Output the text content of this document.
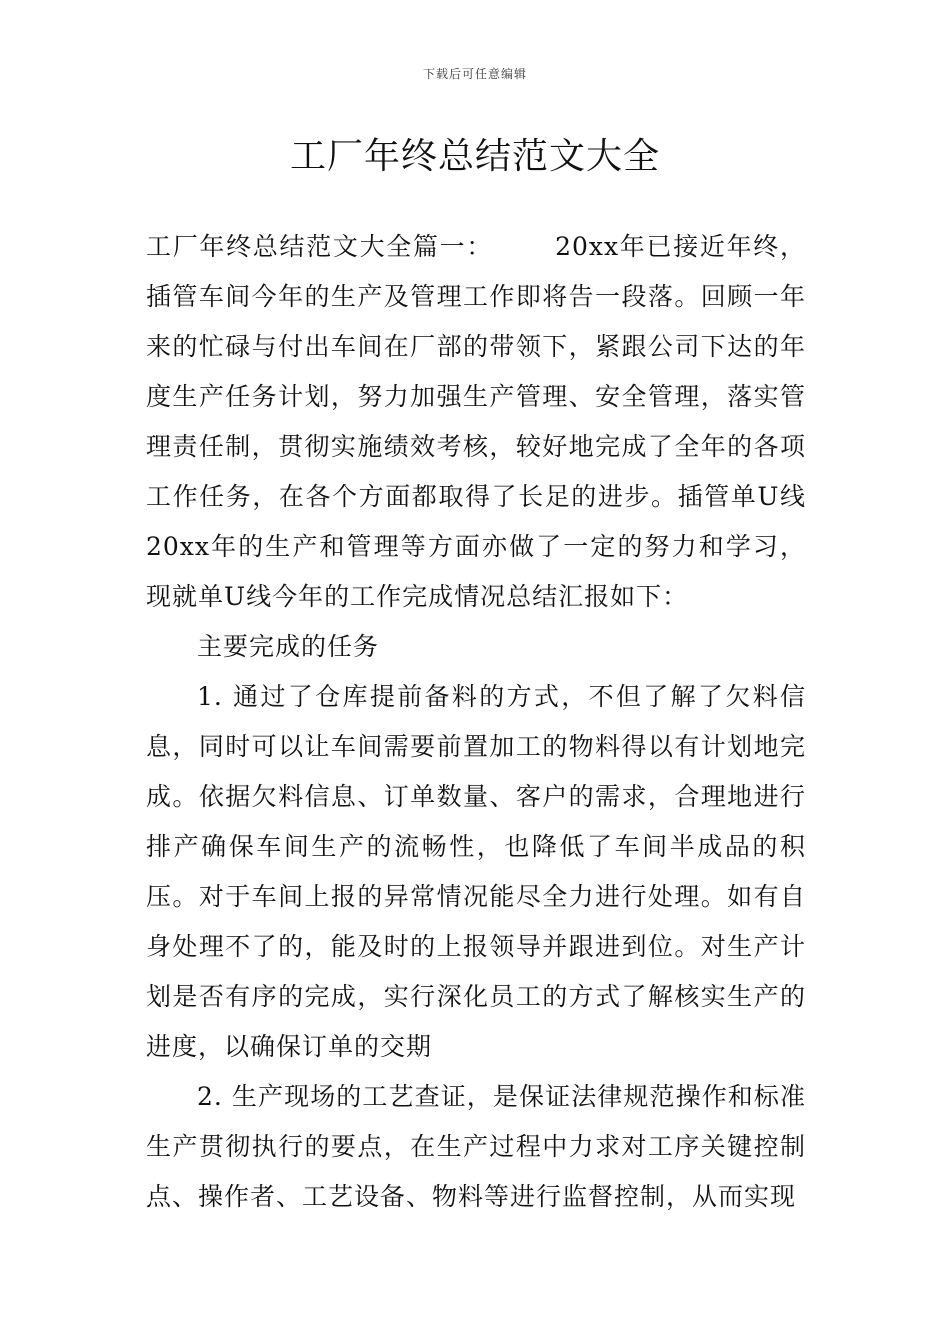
下载后可任意编辑
工厂年终总结范文大全

工厂年终总结范文大全篇一： 20xx年已接近年终，插管车间今年的生产及管理工作即将告一段落。回顾一年来的忙碌与付出车间在厂部的带领下，紧跟公司下达的年度生产任务计划，努力加强生产管理、安全管理，落实管理责任制，贯彻实施绩效考核，较好地完成了全年的各项工作任务，在各个方面都取得了长足的进步。插管单U线20xx年的生产和管理等方面亦做了一定的努力和学习，现就单U线今年的工作完成情况总结汇报如下：

主要完成的任务

1. 通过了仓库提前备料的方式，不但了解了欠料信息，同时可以让车间需要前置加工的物料得以有计划地完成。依据欠料信息、订单数量、客户的需求，合理地进行排产确保车间生产的流畅性，也降低了车间半成品的积压。对于车间上报的异常情况能尽全力进行处理。如有自身处理不了的，能及时的上报领导并跟进到位。对生产计划是否有序的完成，实行深化员工的方式了解核实生产的进度，以确保订单的交期

2. 生产现场的工艺查证，是保证法律规范操作和标准生产贯彻执行的要点，在生产过程中力求对工序关键控制点、操作者、工艺设备、物料等进行监督控制，从而实现
